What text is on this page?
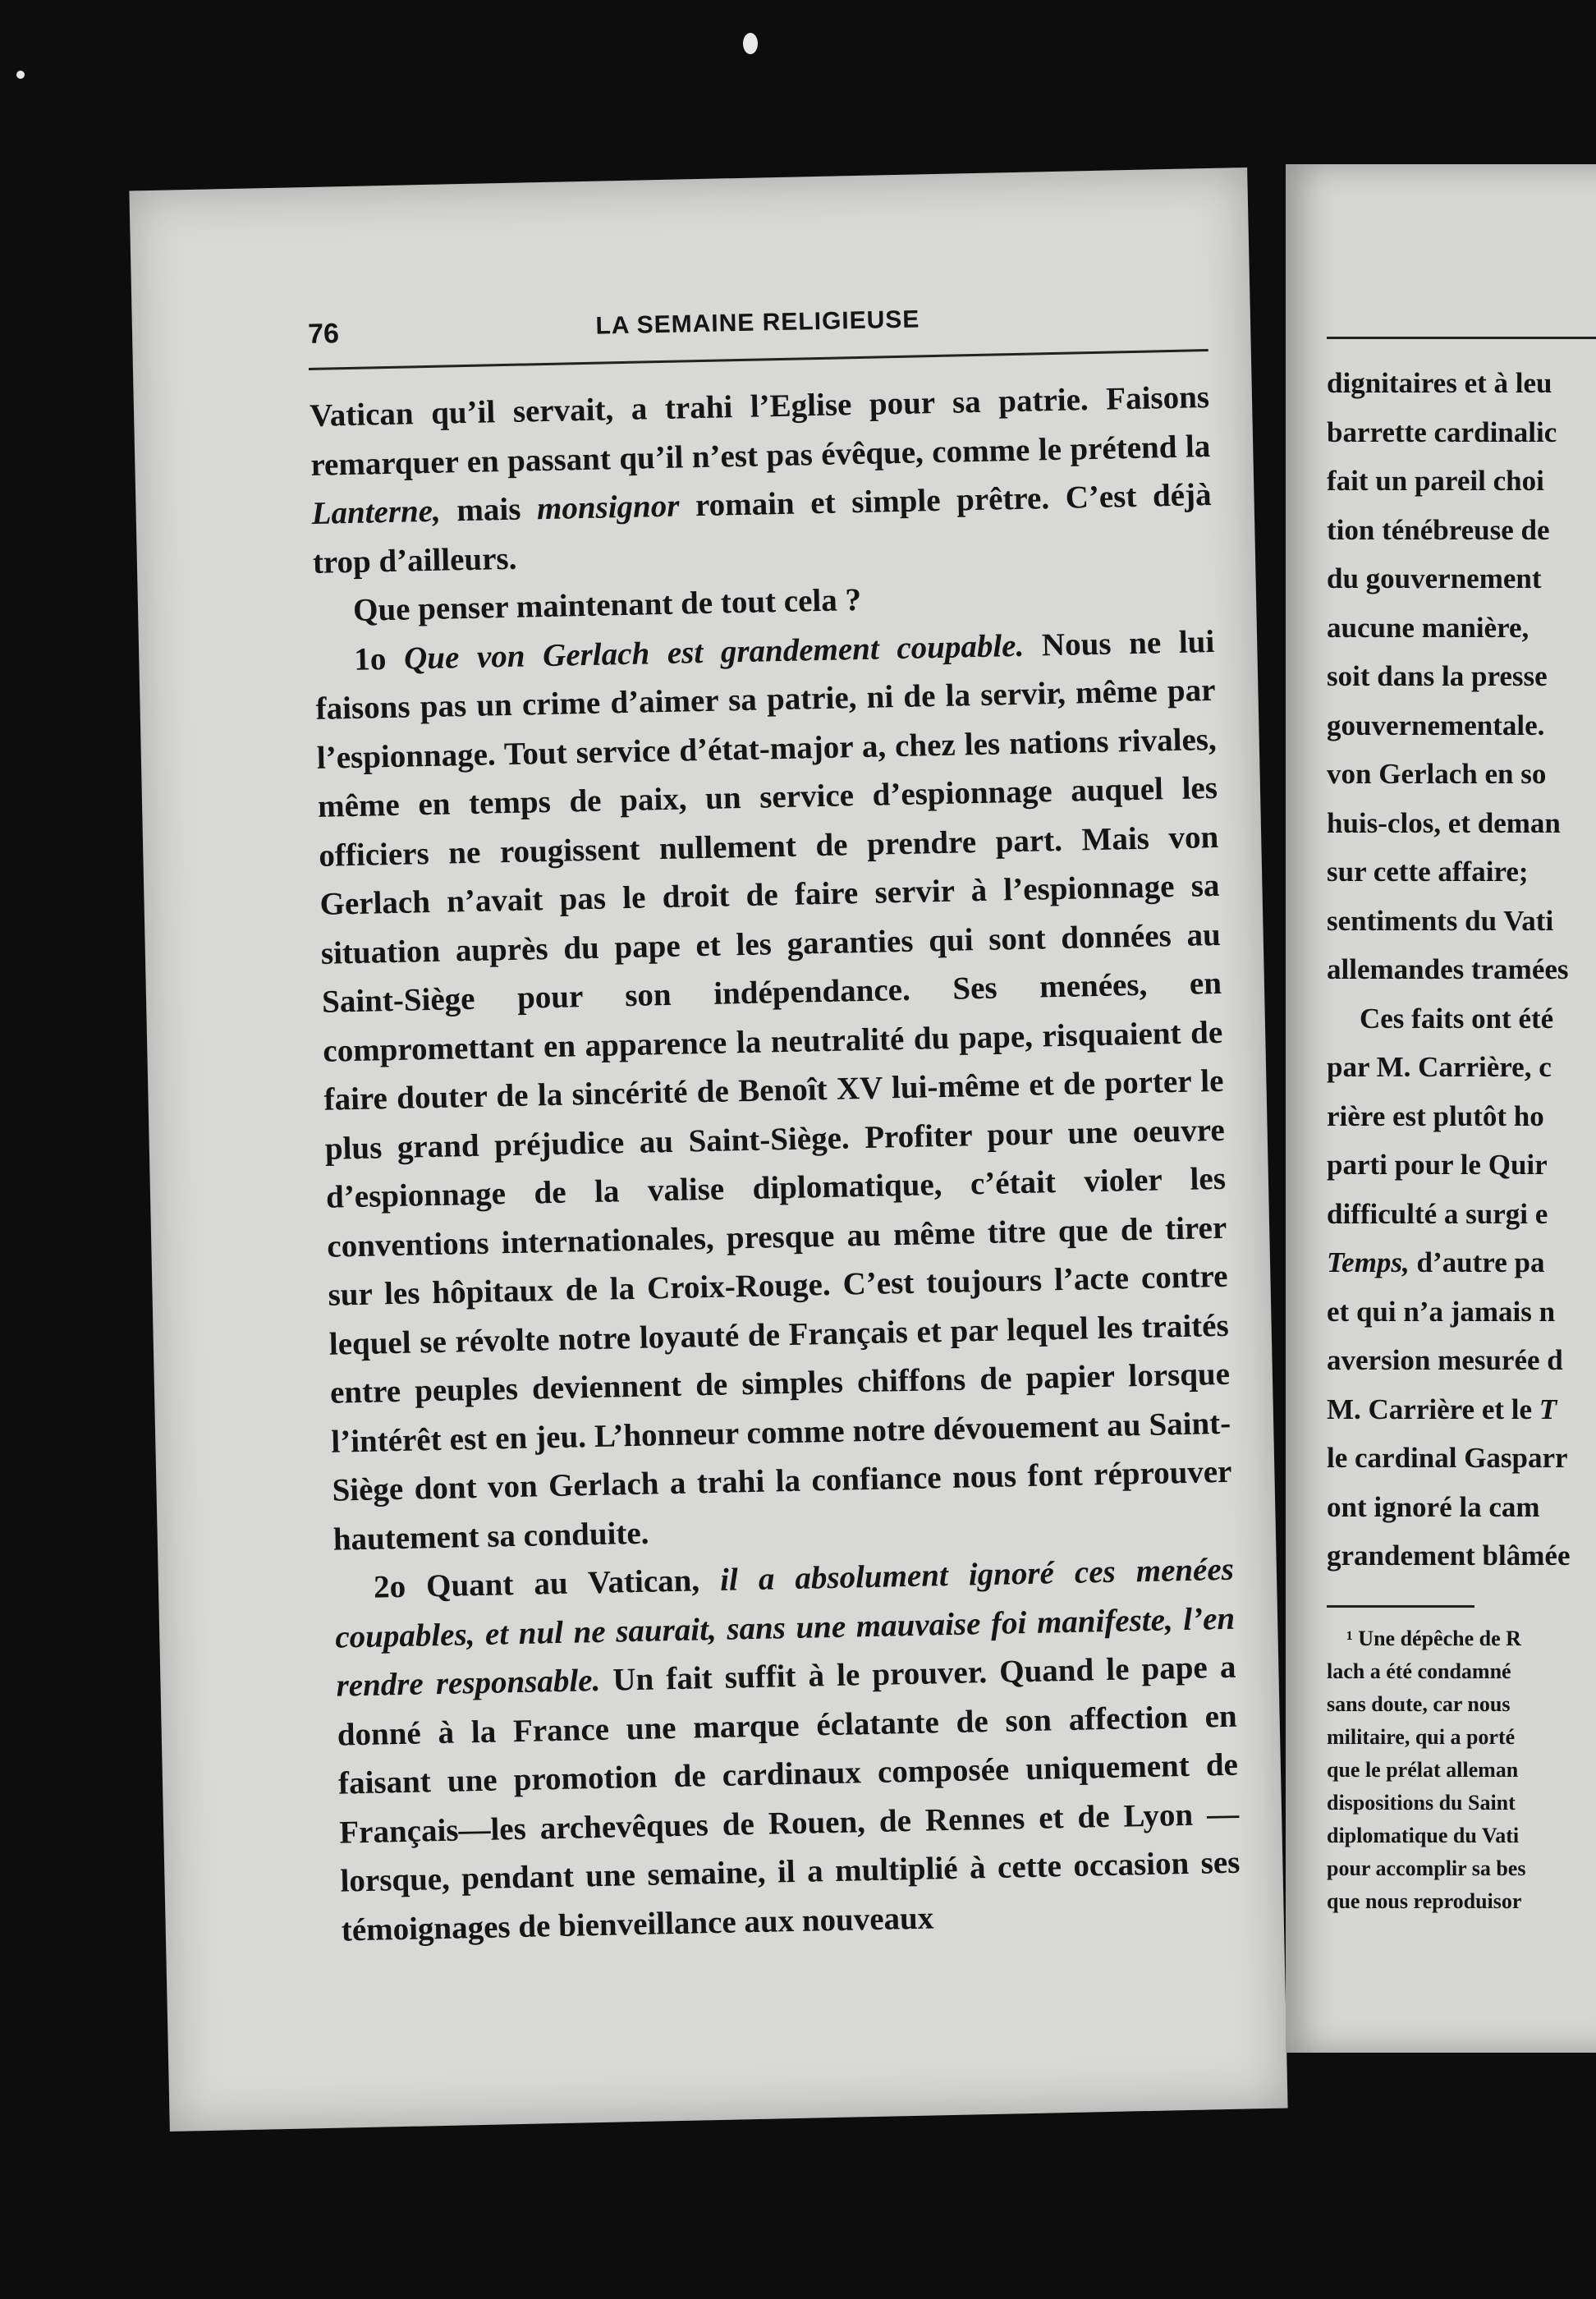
76	LA SEMAINE RELIGIEUSE

Vatican qu’il servait, a trahi l’Eglise pour sa patrie. Faisons remarquer en passant qu’il n’est pas évêque, comme le prétend la Lanterne, mais monsignor romain et simple prêtre. C’est déjà trop d’ailleurs.

Que penser maintenant de tout cela ?

1o Que von Gerlach est grandement coupable. Nous ne lui faisons pas un crime d’aimer sa patrie, ni de la servir, même par l’espionnage. Tout service d’état-major a, chez les nations rivales, même en temps de paix, un service d’espionnage auquel les officiers ne rougissent nullement de prendre part. Mais von Gerlach n’avait pas le droit de faire servir à l’espionnage sa situation auprès du pape et les garanties qui sont données au Saint-Siège pour son indépendance. Ses menées, en compromettant en apparence la neutralité du pape, risquaient de faire douter de la sincérité de Benoît XV lui-même et de porter le plus grand préjudice au Saint-Siège. Profiter pour une oeuvre d’espionnage de la valise diplomatique, c’était violer les conventions internationales, presque au même titre que de tirer sur les hôpitaux de la Croix-Rouge. C’est toujours l’acte contre lequel se révolte notre loyauté de Français et par lequel les traités entre peuples deviennent de simples chiffons de papier lorsque l’intérêt est en jeu. L’honneur comme notre dévouement au Saint-Siège dont von Gerlach a trahi la confiance nous font réprouver hautement sa conduite.

2o Quant au Vatican, il a absolument ignoré ces menées coupables, et nul ne saurait, sans une mauvaise foi manifeste, l’en rendre responsable. Un fait suffit à le prouver. Quand le pape a donné à la France une marque éclatante de son affection en faisant une promotion de cardinaux composée uniquement de Français—les archevêques de Rouen, de Rennes et de Lyon — lorsque, pendant une semaine, il a multiplié à cette occasion ses témoignages de bienveillance aux nouveaux

dignitaires et à leu

barrette cardinalic

fait un pareil choi

tion ténébreuse de

du gouvernement

aucune manière,

soit dans la presse

gouvernementale.

von Gerlach en so

huis-clos, et deman

sur cette affaire;

sentiments du Vati

allemandes tramées

Ces faits ont été

par M. Carrière, c

rière est plutôt ho

parti pour le Quir

difficulté a surgi e

Temps, d’autre pa

et qui n’a jamais n

aversion mesurée d

M. Carrière et le T

le cardinal Gasparr

ont ignoré la cam

grandement blâmée

¹ Une dépêche de R

lach a été condamné

sans doute, car nous

militaire, qui a porté

que le prélat alleman

dispositions du Saint

diplomatique du Vati

pour accomplir sa bes

que nous reproduisor
